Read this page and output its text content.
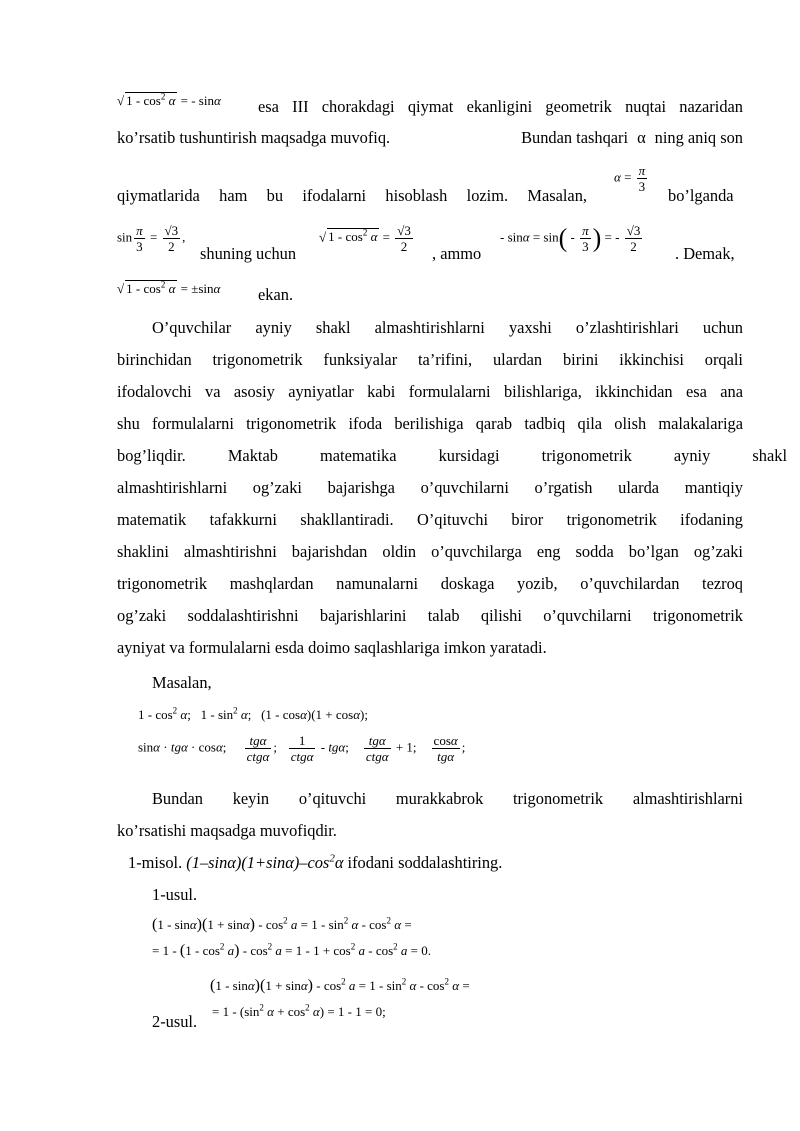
√ $1 - \cos^2 \alpha$ = - sinα esa III chorakdagi qiymat ekanligini geometrik nuqtai nazaridan
ko’rsatib tushuntirish maqsadga muvofiq.	Bundan tashqari α ning aniq son
qiymatlarida ham bu ifodalarni hisoblash lozim. Masalan,
$\alpha = \frac{\pi}{3}$
bo’lganda
$\sin \frac{\pi}{3} = \frac{√3}{2}$ ,
shuning uchun
√ $1 - \cos^2 \alpha = \frac{√3}{2}$ , ammo
- $\sin\alpha = \sin( - \frac{\pi}{3}$ ) = - $\frac{√3}{2}$ . Demak,
√ $1 - \cos^2 \alpha = \pm\sin\alpha$ ekan.
O’quvchilar ayniy shakl almashtirishlarni yaxshi o’zlashtirishlari uchun
birinchidan trigonometrik funksiyalar ta’rifini, ulardan birini ikkinchisi orqali
ifodalovchi va asosiy ayniyatlar kabi formulalarni bilishlariga, ikkinchidan esa ana
shu formulalarni trigonometrik ifoda berilishiga qarab tadbiq qila olish malakalariga
bog’liqdir. Maktab matematika kursidagi trigonometrik ayniy shakl
almashtirishlarni og’zaki bajarishga o’quvchilarni o’rgatish ularda mantiqiy
matematik tafakkurni shakllantiradi. O’qituvchi biror trigonometrik ifodaning
shaklini almashtirishni bajarishdan oldin o’quvchilarga eng sodda bo’lgan og’zaki
trigonometrik mashqlardan namunalarni doskaga yozib, o’quvchilardan tezroq
og’zaki soddalashtirishni bajarishlarini talab qilishi o’quvchilarni trigonometrik
ayniyat va formulalarni esda doimo saqlashlariga imkon yaratadi.
Masalan,
$1 - \cos^2 \alpha$;   $1 - \sin^2 \alpha$;   (1 - cosα)(1 + cosα);
sinα · tgα · cosα; $\frac{\text{tgα}}{\text{ctgα}}$ ; $\frac{1}{\text{ctgα}}$ - tgα; $\frac{\text{tgα}}{\text{ctgα}} + 1$; $\frac{\cos\alpha}{\text{tgα}}$ ;
Bundan keyin o’qituvchi murakkabrok trigonometrik almashtirishlarni
ko’rsatishi maqsadga muvofiqdir.
1-misol. $(1-\sin\alpha)(1+\sin\alpha)-\cos^2\alpha$ ifodani soddalashtiring.
1-usul.
$(1 - \sin\alpha)(1 + \sin\alpha) - \cos^2 a = 1 - \sin^2 \alpha - \cos^2 \alpha$ =
= $1 - (1 - \cos^2 a) - \cos^2 a = 1 - 1 + \cos^2 a - \cos^2 a = 0$.
$(1 - \sin\alpha)(1 + \sin\alpha) - \cos^2 a = 1 - \sin^2 \alpha - \cos^2 \alpha$ =
2-usul.
= $1 - (\sin^2$ $\alpha + \cos^2 \alpha) = 1 - 1 = 0$;
